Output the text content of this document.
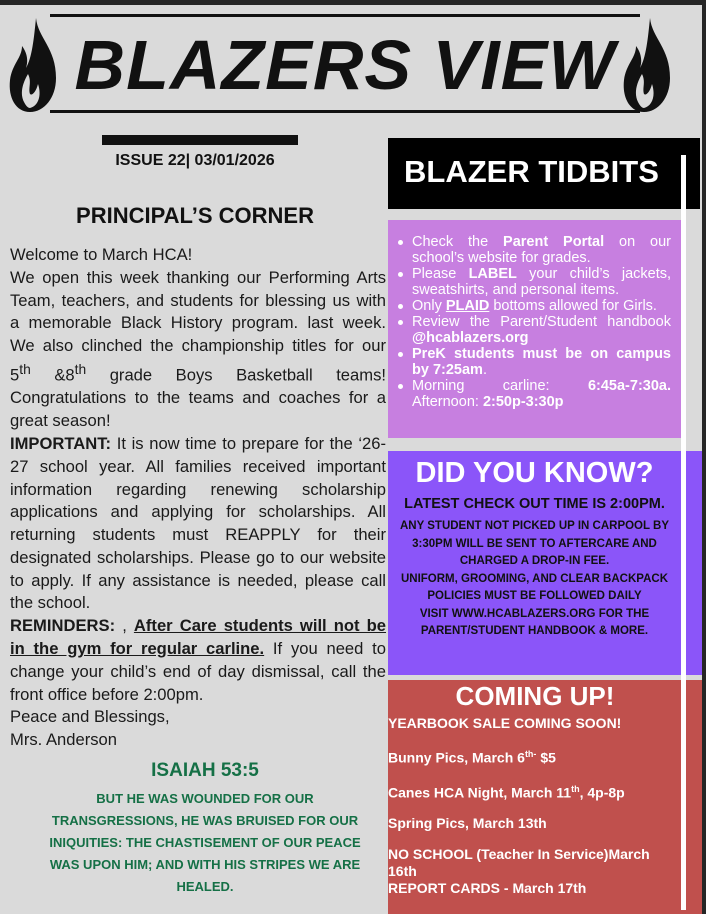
BLAZERS VIEW
ISSUE 22| 03/01/2026
PRINCIPAL’S CORNER

Welcome to March HCA!

We open this week thanking our Performing Arts Team, teachers, and students for blessing us with a memorable Black History program. last week. We also clinched the championship titles for our 5th &8th grade Boys Basketball teams! Congratulations to the teams and coaches for a great season!

IMPORTANT: It is now time to prepare for the ‘26-27 school year. All families received important information regarding renewing scholarship applications and applying for scholarships. All returning students must REAPPLY for their designated scholarships. Please go to our website to apply. If any assistance is needed, please call the school.

REMINDERS: , After Care students will not be in the gym for regular carline. If you need to change your child’s end of day dismissal, call the front office before 2:00pm.

Peace and Blessings,

Mrs. Anderson

ISAIAH 53:5

BUT HE WAS WOUNDED FOR OUR TRANSGRESSIONS, HE WAS BRUISED FOR OUR INIQUITIES: THE CHASTISEMENT OF OUR PEACE WAS UPON HIM; AND WITH HIS STRIPES WE ARE HEALED.

BLAZER TIDBITS
Check the Parent Portal on our school’s website for grades.
Please LABEL your child’s jackets, sweatshirts, and personal items.
Only PLAID bottoms allowed for Girls.
Review the Parent/Student handbook @hcablazers.org
PreK students must be on campus by 7:25am.
Morning carline: 6:45a-7:30a. Afternoon: 2:50p-3:30p
DID YOU KNOW?
LATEST CHECK OUT TIME IS 2:00PM.
ANY STUDENT NOT PICKED UP IN CARPOOL BY 3:30PM WILL BE SENT TO AFTERCARE AND CHARGED A DROP-IN FEE.
UNIFORM, GROOMING, AND CLEAR BACKPACK POLICIES MUST BE FOLLOWED DAILY
VISIT WWW.HCABLAZERS.ORG FOR THE PARENT/STUDENT HANDBOOK & MORE.
COMING UP!
YEARBOOK SALE COMING SOON!
Bunny Pics, March $6^{th-}$ $5
Canes HCA Night, March 11th, 4p-8p
Spring Pics, March 13th
NO SCHOOL (Teacher In Service)March 16th
REPORT CARDS - March 17th
